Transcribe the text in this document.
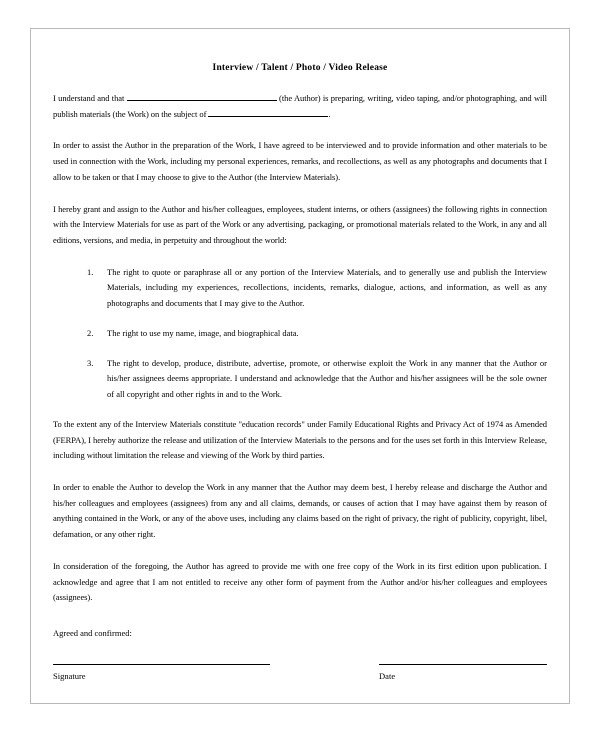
Interview / Talent / Photo / Video Release

I understand and that	(the Author) is preparing, writing, video taping, and/or photographing, and will publish materials (the Work) on the subject of	.

In order to assist the Author in the preparation of the Work, I have agreed to be interviewed and to provide information and other materials to be used in connection with the Work, including my personal experiences, remarks, and recollections, as well as any photographs and documents that I allow to be taken or that I may choose to give to the Author (the Interview Materials).

I hereby grant and assign to the Author and his/her colleagues, employees, student interns, or others (assignees) the following rights in connection with the Interview Materials for use as part of the Work or any advertising, packaging, or promotional materials related to the Work, in any and all editions, versions, and media, in perpetuity and throughout the world:

The right to quote or paraphrase all or any portion of the Interview Materials, and to generally use and publish the Interview Materials, including my experiences, recollections, incidents, remarks, dialogue, actions, and information, as well as any photographs and documents that I may give to the Author.
The right to use my name, image, and biographical data.
The right to develop, produce, distribute, advertise, promote, or otherwise exploit the Work in any manner that the Author or his/her assignees deems appropriate. I understand and acknowledge that the Author and his/her assignees will be the sole owner of all copyright and other rights in and to the Work.

To the extent any of the Interview Materials constitute "education records" under Family Educational Rights and Privacy Act of 1974 as Amended (FERPA), I hereby authorize the release and utilization of the Interview Materials to the persons and for the uses set forth in this Interview Release, including without limitation the release and viewing of the Work by third parties.

In order to enable the Author to develop the Work in any manner that the Author may deem best, I hereby release and discharge the Author and his/her colleagues and employees (assignees) from any and all claims, demands, or causes of action that I may have against them by reason of anything contained in the Work, or any of the above uses, including any claims based on the right of privacy, the right of publicity, copyright, libel, defamation, or any other right.

In consideration of the foregoing, the Author has agreed to provide me with one free copy of the Work in its first edition upon publication. I acknowledge and agree that I am not entitled to receive any other form of payment from the Author and/or his/her colleagues and employees (assignees).

Agreed and confirmed:
Signature	Date
